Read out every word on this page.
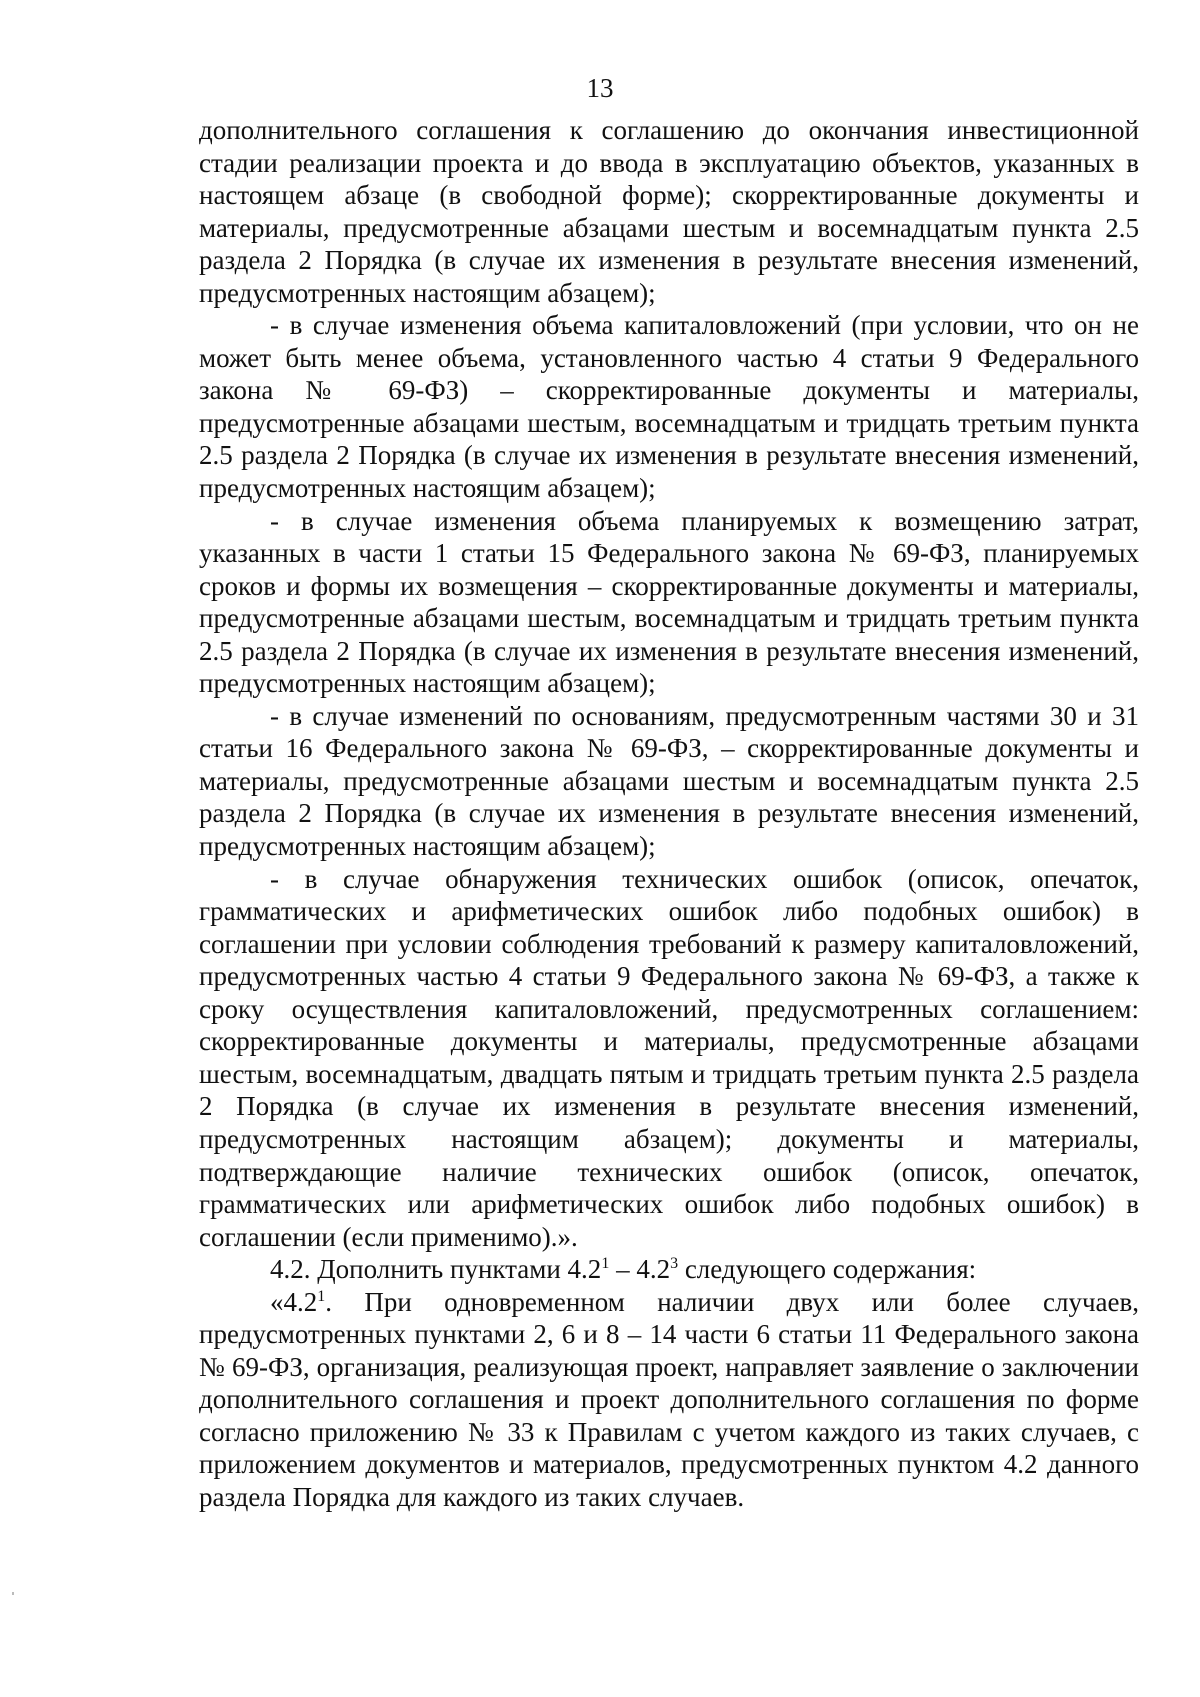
13

дополнительного соглашения к соглашению до окончания инвестиционной стадии реализации проекта и до ввода в эксплуатацию объектов, указанных в настоящем абзаце (в свободной форме); скорректированные документы и материалы, предусмотренные абзацами шестым и восемнадцатым пункта 2.5 раздела 2 Порядка (в случае их изменения в результате внесения изменений, предусмотренных настоящим абзацем);

- в случае изменения объема капиталовложений (при условии, что он не может быть менее объема, установленного частью 4 статьи 9 Федерального закона № 69-ФЗ) – скорректированные документы и материалы, предусмотренные абзацами шестым, восемнадцатым и тридцать третьим пункта 2.5 раздела 2 Порядка (в случае их изменения в результате внесения изменений, предусмотренных настоящим абзацем);

- в случае изменения объема планируемых к возмещению затрат, указанных в части 1 статьи 15 Федерального закона № 69-ФЗ, планируемых сроков и формы их возмещения – скорректированные документы и материалы, предусмотренные абзацами шестым, восемнадцатым и тридцать третьим пункта 2.5 раздела 2 Порядка (в случае их изменения в результате внесения изменений, предусмотренных настоящим абзацем);

- в случае изменений по основаниям, предусмотренным частями 30 и 31 статьи 16 Федерального закона № 69-ФЗ, – скорректированные документы и материалы, предусмотренные абзацами шестым и восемнадцатым пункта 2.5 раздела 2 Порядка (в случае их изменения в результате внесения изменений, предусмотренных настоящим абзацем);

- в случае обнаружения технических ошибок (описок, опечаток, грамматических и арифметических ошибок либо подобных ошибок) в соглашении при условии соблюдения требований к размеру капиталовложений, предусмотренных частью 4 статьи 9 Федерального закона № 69-ФЗ, а также к сроку осуществления капиталовложений, предусмотренных соглашением: скорректированные документы и материалы, предусмотренные абзацами шестым, восемнадцатым, двадцать пятым и тридцать третьим пункта 2.5 раздела 2 Порядка (в случае их изменения в результате внесения изменений, предусмотренных настоящим абзацем); документы и материалы, подтверждающие наличие технических ошибок (описок, опечаток, грамматических или арифметических ошибок либо подобных ошибок) в соглашении (если применимо).».

4.2. Дополнить пунктами $4.2^1 - 4.2^3$ следующего содержания:

«$4.2^1$. При одновременном наличии двух или более случаев, предусмотренных пунктами 2, 6 и 8 – 14 части 6 статьи 11 Федерального закона № 69-ФЗ, организация, реализующая проект, направляет заявление о заключении дополнительного соглашения и проект дополнительного соглашения по форме согласно приложению № 33 к Правилам с учетом каждого из таких случаев, с приложением документов и материалов, предусмотренных пунктом 4.2 данного раздела Порядка для каждого из таких случаев.
